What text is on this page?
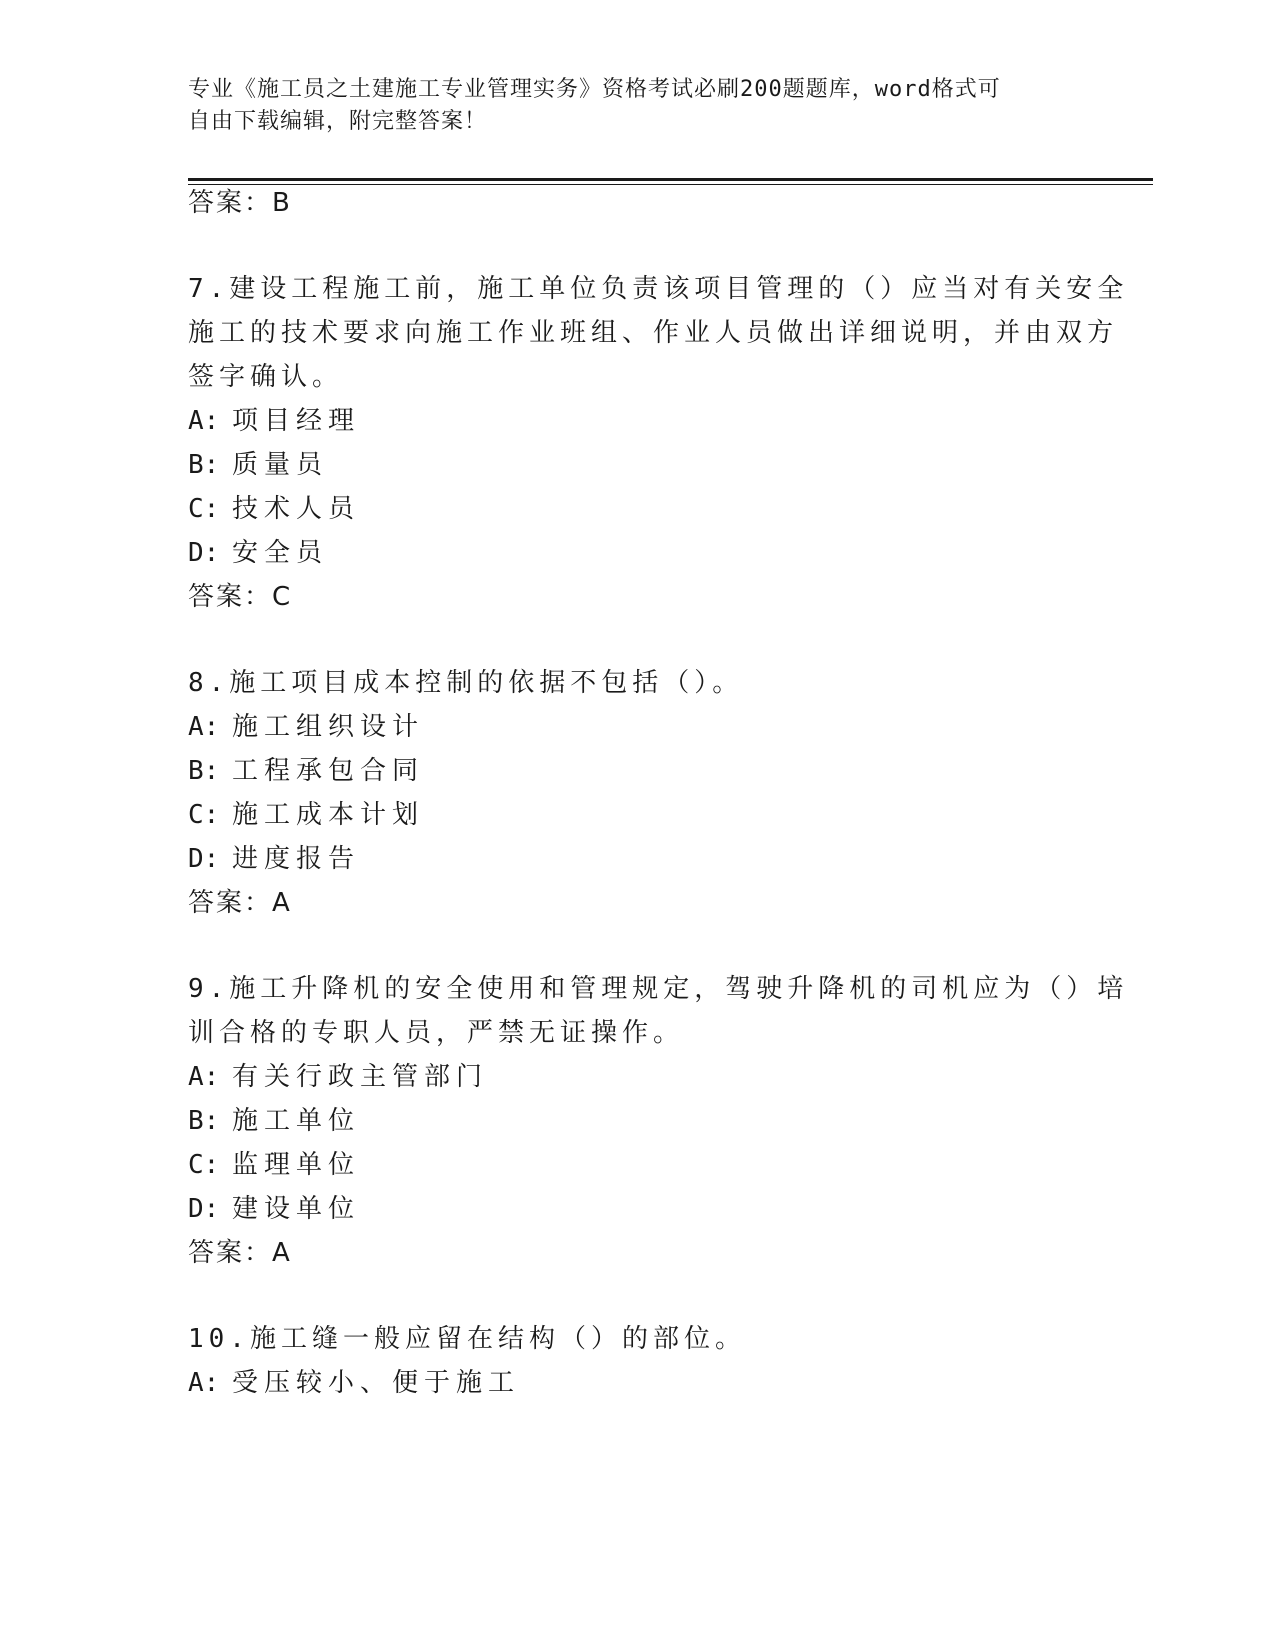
专业《施工员之土建施工专业管理实务》资格考试必刷200题题库，word格式可
自由下载编辑，附完整答案！
答案：B
7.建设工程施工前，施工单位负责该项目管理的（）应当对有关安全
施工的技术要求向施工作业班组、作业人员做出详细说明，并由双方
签字确认。
A: 项目经理
B: 质量员
C: 技术人员
D: 安全员
答案：C
8.施工项目成本控制的依据不包括（）。
A: 施工组织设计
B: 工程承包合同
C: 施工成本计划
D: 进度报告
答案：A
9.施工升降机的安全使用和管理规定，驾驶升降机的司机应为（）培
训合格的专职人员，严禁无证操作。
A: 有关行政主管部门
B: 施工单位
C: 监理单位
D: 建设单位
答案：A
10.施工缝一般应留在结构（）的部位。
A: 受压较小、便于施工
